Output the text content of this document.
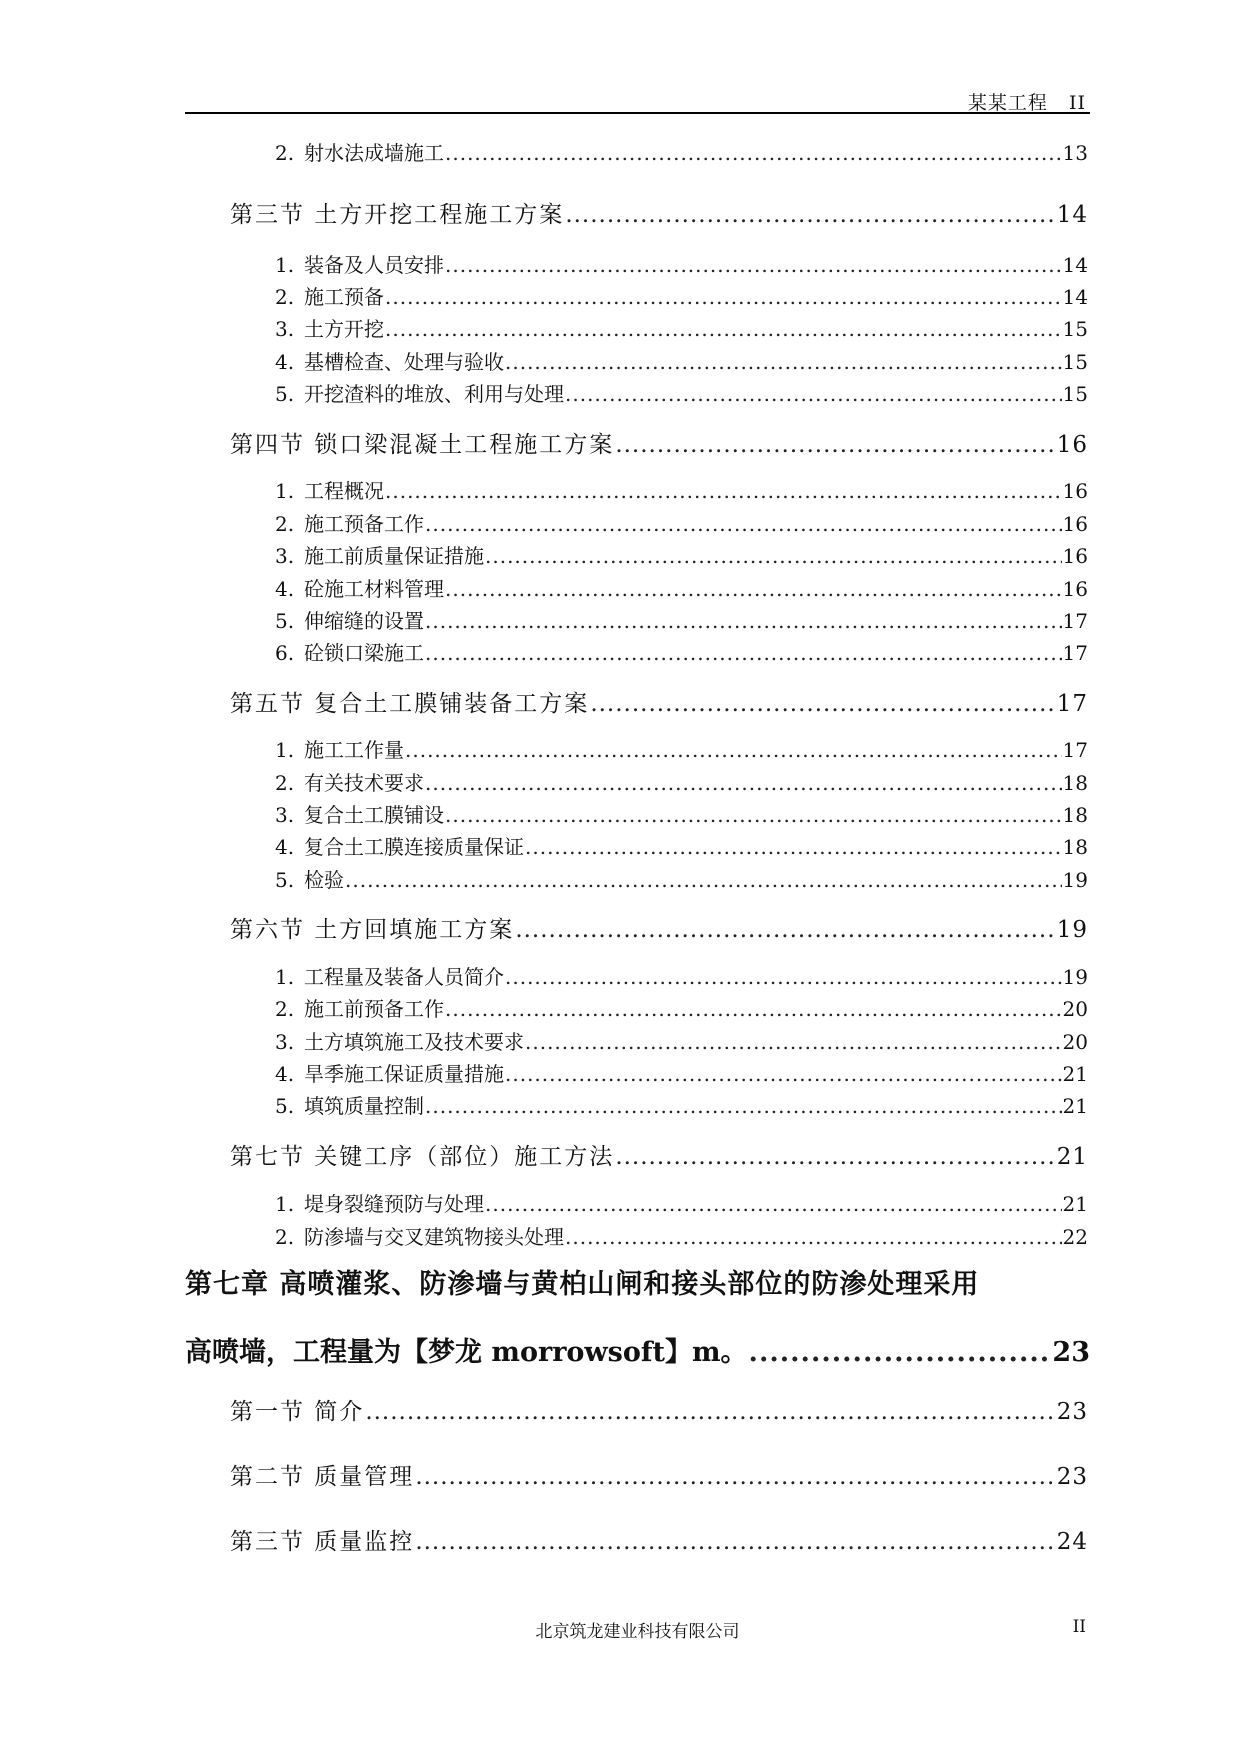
某某工程 II
2. 射水法成墙施工 .....	13
第三节 土方开挖工程施工方案 .....	14
1. 装备及人员安排 .....	14
2. 施工预备 .....	14
3. 土方开挖 .....	15
4. 基槽检查、处理与验收 .....	15
5. 开挖渣料的堆放、利用与处理 .....	15
第四节 锁口梁混凝土工程施工方案 .....	16
1. 工程概况 .....	16
2. 施工预备工作 .....	16
3. 施工前质量保证措施 .....	16
4. 砼施工材料管理 .....	16
5. 伸缩缝的设置 .....	17
6. 砼锁口梁施工 .....	17
第五节 复合土工膜铺装备工方案 .....	17
1. 施工工作量 .....	17
2. 有关技术要求 .....	18
3. 复合土工膜铺设 .....	18
4. 复合土工膜连接质量保证 .....	18
5. 检验 .....	19
第六节 土方回填施工方案 .....	19
1. 工程量及装备人员简介 .....	19
2. 施工前预备工作 .....	20
3. 土方填筑施工及技术要求 .....	20
4. 旱季施工保证质量措施 .....	21
5. 填筑质量控制 .....	21
第七节 关键工序（部位）施工方法 .....	21
1. 堤身裂缝预防与处理 .....	21
2. 防渗墙与交叉建筑物接头处理 .....	22
第七章 高喷灌浆、防渗墙与黄柏山闸和接头部位的防渗处理采用
高喷墙，工程量为【梦龙 morrowsoft】m。 .....	23
第一节 简介 .....	23
第二节 质量管理 .....	23
第三节 质量监控 .....	24
北京筑龙建业科技有限公司	II
